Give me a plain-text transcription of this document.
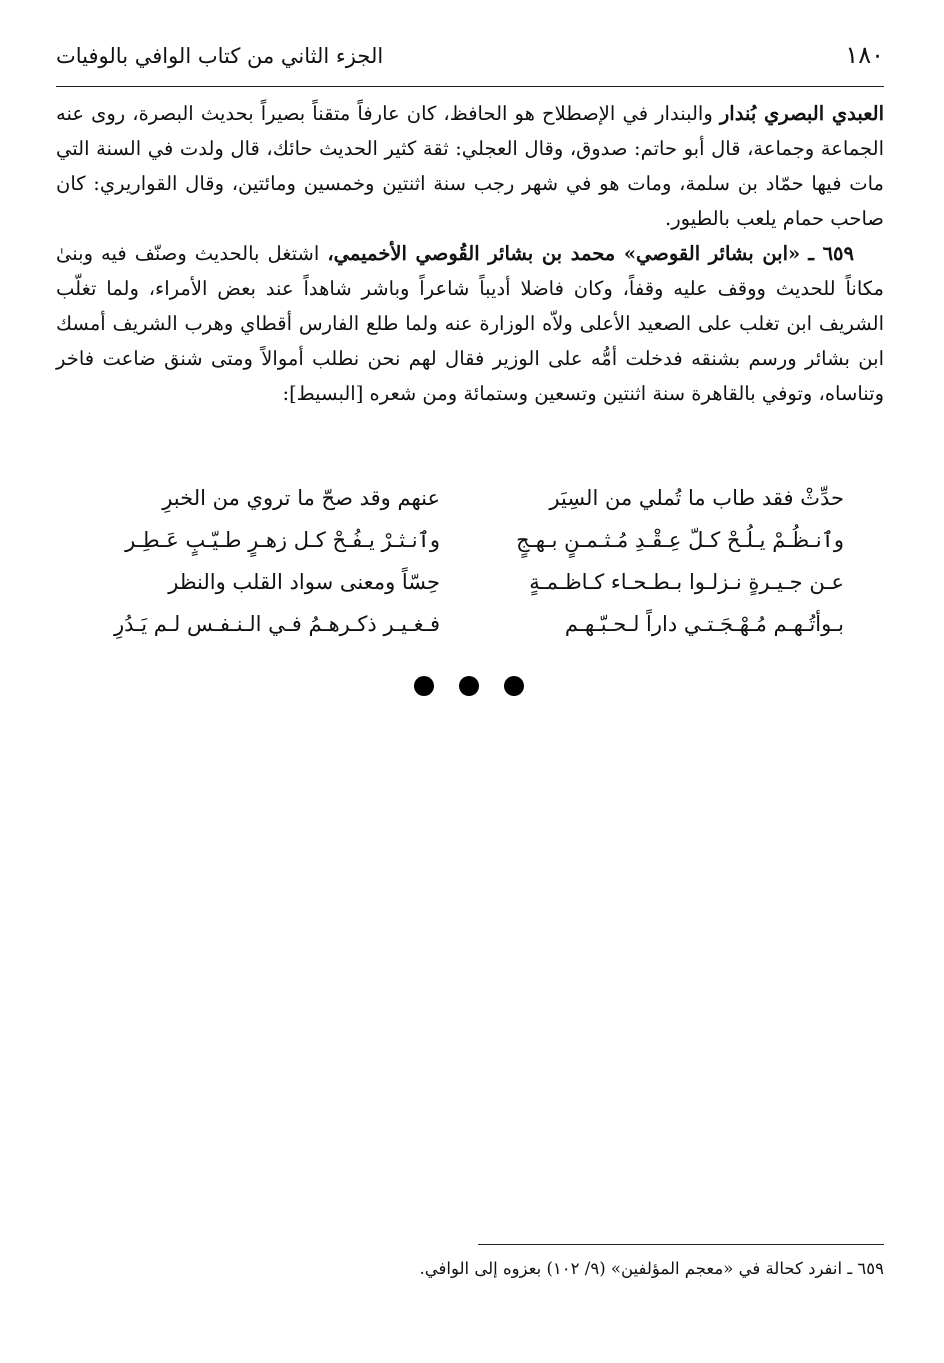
١٨٠
الجزء الثاني من كتاب الوافي بالوفيات

العبدي البصري بُندار والبندار في الإصطلاح هو الحافظ، كان عارفاً متقناً بصيراً بحديث البصرة، روى عنه الجماعة وجماعة، قال أبو حاتم: صدوق، وقال العجلي: ثقة كثير الحديث حائك، قال ولدت في السنة التي مات فيها حمّاد بن سلمة، ومات هو في شهر رجب سنة اثنتين وخمسين ومائتين، وقال القواريري: كان صاحب حمام يلعب بالطيور.

٦٥٩ ـ «ابن بشائر القوصي» محمد بن بشائر القُوصي الأخميمي، اشتغل بالحديث وصنّف فيه وبنىٰ مكاناً للحديث ووقف عليه وقفاً، وكان فاضلا أديباً شاعراً وباشر شاهداً عند بعض الأمراء، ولما تغلّب الشريف ابن تغلب على الصعيد الأعلى ولاّه الوزارة عنه ولما طلع الفارس أقطاي وهرب الشريف أمسك ابن بشائر ورسم بشنقه فدخلت أمُّه على الوزير فقال لهم نحن نطلب أموالاً ومتى شنق ضاعت فاخر وتناساه، وتوفي بالقاهرة سنة اثنتين وتسعين وستمائة ومن شعره [البسيط]:

حدِّثْ فقد طاب ما تُملي من السِيَر
عنهم وقد صحّ ما تروي من الخبرِ
وٱنـظُـمْ يـلُـحْ كـلّ عِـقْـدِ مُـثـمـنٍ بـهـجٍ
وٱنـثـرْ يـفُـحْ كـل زهـرٍ طـيّـبٍ عَـطِـر
عـن جـيـرةٍ نـزلـوا بـطـحـاء كـاظـمـةٍ
حِسّاً ومعنى سواد القلب والنظر
بـوأتُـهـم مُـهْـجَـتـي داراً لـحـبّـهـم
فـغـيـر ذكـرهـمُ فـي الـنـفـس لـم يَـدُرِ
٦٥٩ ـ انفرد كحالة في «معجم المؤلفين» (٩/ ١٠٢) بعزوه إلى الوافي.
